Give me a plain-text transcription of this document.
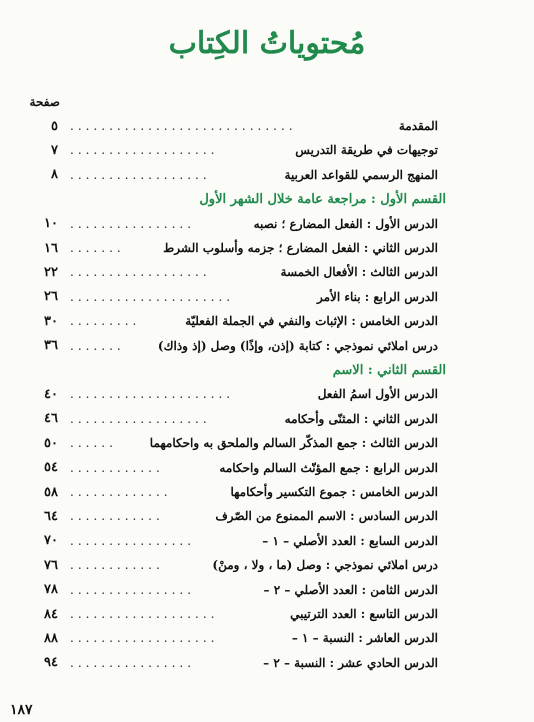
مُحتوياتُ الكِتاب
صفحة
المقدمة
.............................
٥
توجيهات في طريقة التدريس
...................
٧
المنهج الرسمي للقواعد العربية
..................
٨
القسم الأول : مراجعة عامة خلال الشهر الأول
الدرس الأول : الفعل المضارع ؛ نصبه
................
١٠
الدرس الثاني : الفعل المضارع ؛ جزمه وأسلوب الشرط
.......
١٦
الدرس الثالث : الأفعال الخمسة
..................
٢٢
الدرس الرابع : بناء الأمر
.....................
٢٦
الدرس الخامس : الإثبات والنفي في الجملة الفعليّة
.........
٣٠
درس املائي نموذجي : كتابة (إذن، وإذًا) وصل (إذ وذاك)
.......
٣٦
القسم الثاني : الاسم
الدرس الأول اسمُ الفعل
.....................
٤٠
الدرس الثاني : المثنّى وأحكامه
..................
٤٦
الدرس الثالث : جمع المذكّر السالم والملحق به واحكامهما
......
٥٠
الدرس الرابع : جمع المؤنّث السالم واحكامه
............
٥٤
الدرس الخامس : جموع التكسير وأحكامها
.............
٥٨
الدرس السادس : الاسم الممنوع من الصّرف
............
٦٤
الدرس السابع : العدد الأصلي – ١ –
................
٧٠
درس املائي نموذجي : وصل (ما ، ولا ، ومنْ)
............
٧٦
الدرس الثامن : العدد الأصلي – ٢ –
................
٧٨
الدرس التاسع : العدد الترتيبي
...................
٨٤
الدرس العاشر : النسبة – ١ –
...................
٨٨
الدرس الحادي عشر : النسبة – ٢ –
................
٩٤
١٨٧
